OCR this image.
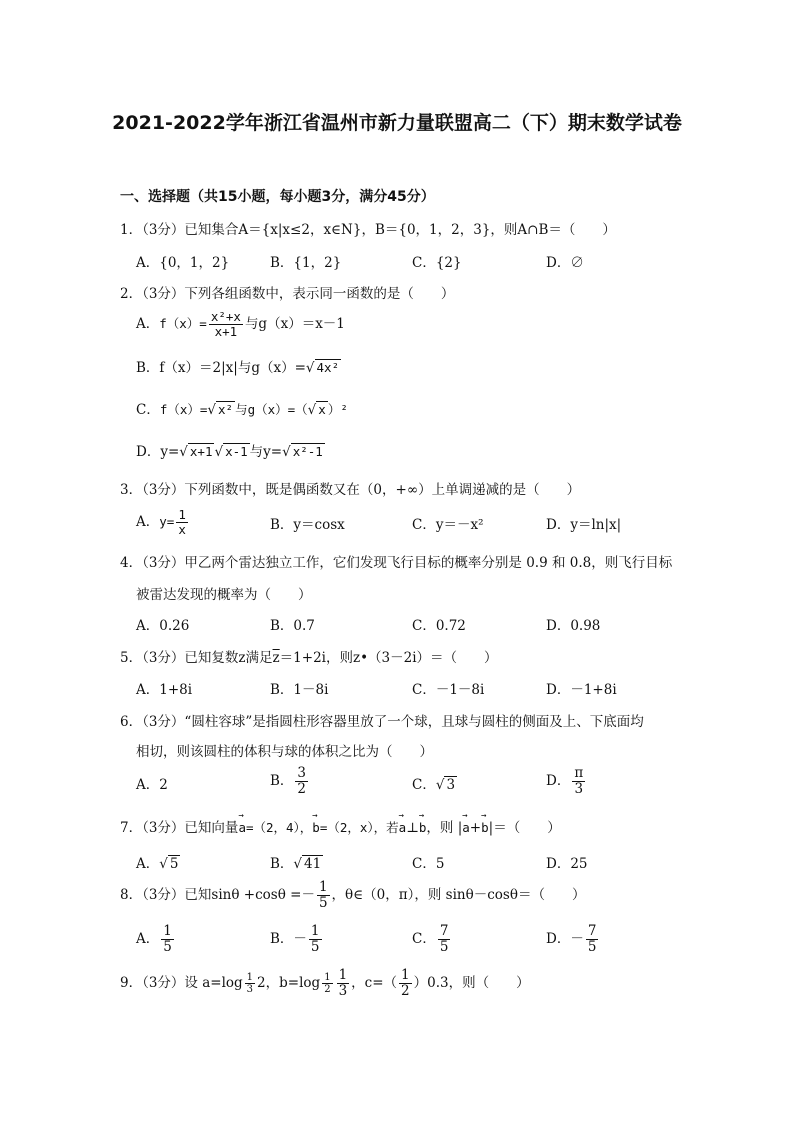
2021-2022学年浙江省温州市新力量联盟高二（下）期末数学试卷
一、选择题（共15小题，每小题3分，满分45分）
1．（3分）已知集合A＝{x|x≤2，x∈N}，B＝{0，1，2，3}，则A∩B＝（　　）
A．{0，1，2}	B．{1，2}	C．{2}	D．∅
2．（3分）下列各组函数中，表示同一函数的是（　　）
A．$f(x)= \frac{\text{x²+x}}{x+1}$ 与g（x）＝x－1
B．f（x）＝2|x|与g（x）=√ 4x²
C．f（x）=√ x² 与g（x）=（√ x ）²
D．y=√ x+1 √ x-1 与y=√ x²-1
3．（3分）下列函数中，既是偶函数又在（0，+∞）上单调递减的是（　　）
A．$y= \frac{1}{x}$	B．y＝cosx	C．y＝－x²	D．y＝ln|x|
4．（3分）甲乙两个雷达独立工作，它们发现飞行目标的概率分别是 0.9 和 0.8，则飞行目标
被雷达发现的概率为（　　）
A．0.26	B．0.7	C．0.72	D．0.98
5．（3分）已知复数z满足$\overline{z}=1+2i$，则z•（3－2i）＝（　　）
A．1+8i	B．1－8i	C．－1－8i	D．－1+8i
6．（3分）“圆柱容球”是指圆柱形容器里放了一个球，且球与圆柱的侧面及上、下底面均
相切，则该圆柱的体积与球的体积之比为（　　）
A．2	B． $\frac{3}{2}$	C．√ 3	D． $\frac{\pi}{3}$
7．（3分）已知向量→ a=（2，4），→ b=（2，x），若→ a⊥→ b，则 |→ a+→ b|＝（　　）
A．√ 5	B．√ 41	C．5	D．25
8．（3分）已知$\sin\theta +\cos\theta =- \frac{1}{5}$ ，θ∈（0，π），则 sinθ－cosθ＝（　　）
A． $\frac{1}{5}$	B．－ $\frac{1}{5}$	C． $\frac{7}{5}$	D．－ $\frac{7}{5}$
9．（3分）设 $a=\log \frac{1}{3} 2$，$b=\log \frac{1}{2} \frac{1}{3}$ ，$c=( \frac{1}{2} )0.3$，则（　　）
